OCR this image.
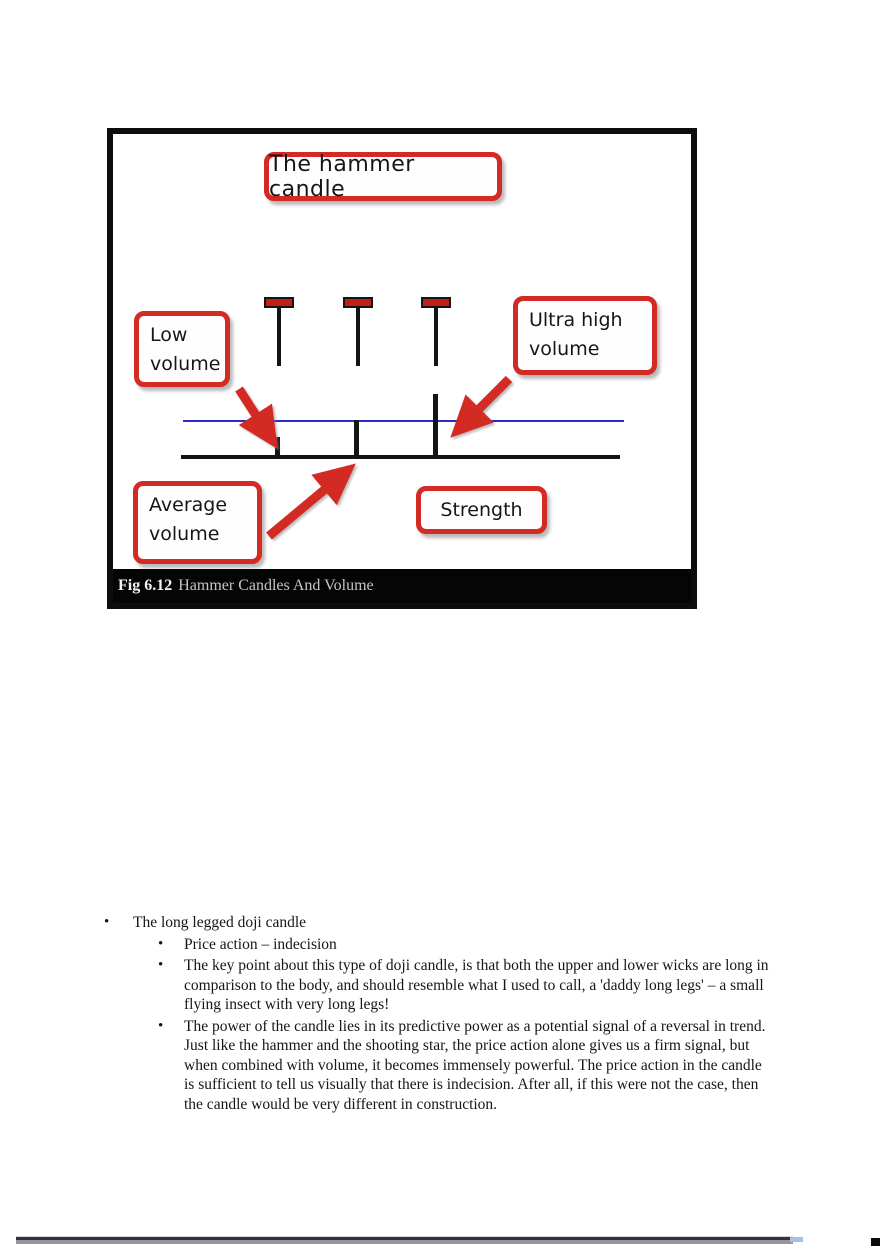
The hammer candle
Low
volume
Ultra high
volume
Average
volume
Strength
Fig 6.12 Hammer Candles And Volume
•	The long legged doji candle
•	Price action – indecision
•	The key point about this type of doji candle, is that both the upper and lower wicks are long in comparison to the body, and should resemble what I used to call, a 'daddy long legs' – a small flying insect with very long legs!
•	The power of the candle lies in its predictive power as a potential signal of a reversal in trend. Just like the hammer and the shooting star, the price action alone gives us a firm signal, but when combined with volume, it becomes immensely powerful. The price action in the candle is sufficient to tell us visually that there is indecision. After all, if this were not the case, then the candle would be very different in construction.
